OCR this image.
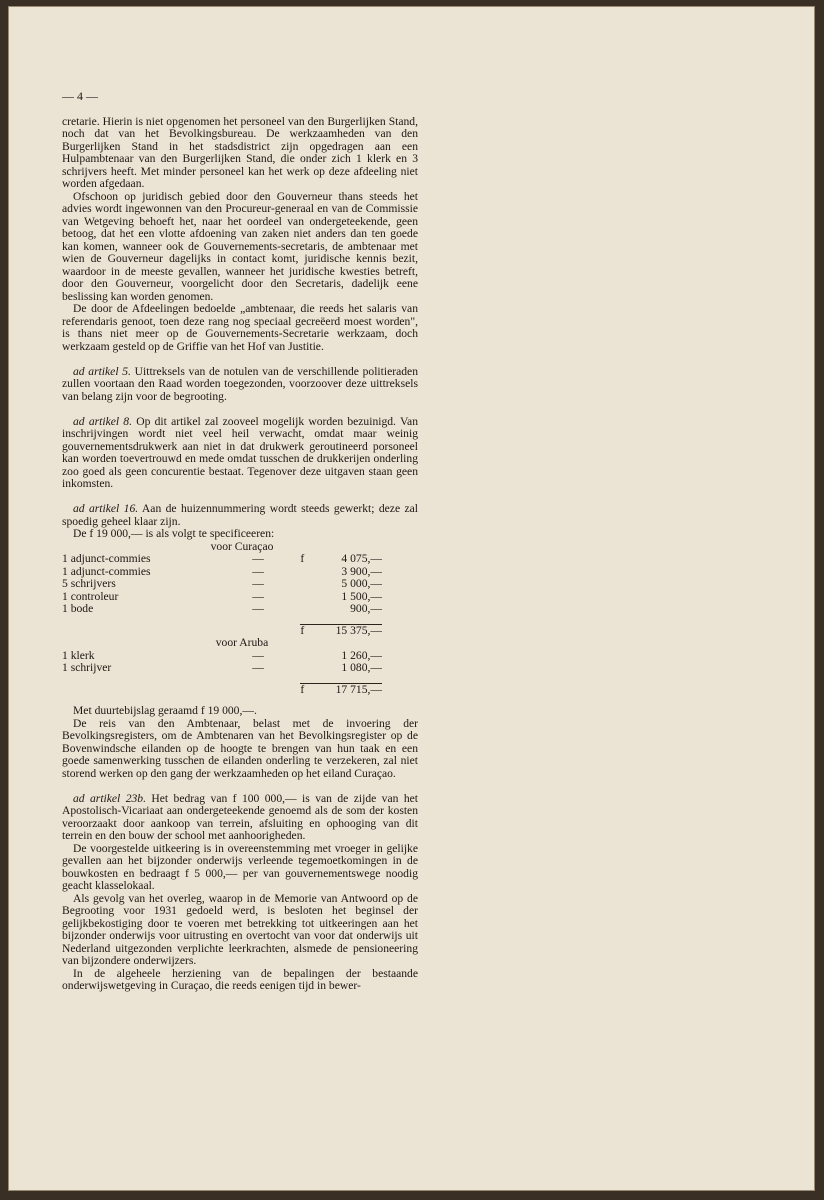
— 4 —

cretarie. Hierin is niet opgenomen het personeel van den Burgerlijken Stand, noch dat van het Bevolkingsbureau. De werkzaamheden van den Burgerlijken Stand in het stadsdistrict zijn opgedragen aan een Hulpambtenaar van den Burgerlijken Stand, die onder zich 1 klerk en 3 schrijvers heeft. Met minder personeel kan het werk op deze afdeeling niet worden afgedaan.

Ofschoon op juridisch gebied door den Gouverneur thans steeds het advies wordt ingewonnen van den Procureur-generaal en van de Commissie van Wetgeving behoeft het, naar het oordeel van ondergeteekende, geen betoog, dat het een vlotte afdoening van zaken niet anders dan ten goede kan komen, wanneer ook de Gouvernements-secretaris, de ambtenaar met wien de Gouverneur dagelijks in contact komt, juridische kennis bezit, waardoor in de meeste gevallen, wanneer het juridische kwesties betreft, door den Gouverneur, voorgelicht door den Secretaris, dadelijk eene beslissing kan worden genomen.

De door de Afdeelingen bedoelde „ambtenaar, die reeds het salaris van referendaris genoot, toen deze rang nog speciaal gecreëerd moest worden", is thans niet meer op de Gouvernements-Secretarie werkzaam, doch werkzaam gesteld op de Griffie van het Hof van Justitie.

ad artikel 5. Uittreksels van de notulen van de verschillende politieraden zullen voortaan den Raad worden toegezonden, voorzoover deze uittreksels van belang zijn voor de begrooting.

ad artikel 8. Op dit artikel zal zooveel mogelijk worden bezuinigd. Van inschrijvingen wordt niet veel heil verwacht, omdat maar weinig gouvernementsdrukwerk aan niet in dat drukwerk geroutineerd porsoneel kan worden toevertrouwd en mede omdat tusschen de drukkerijen onderling zoo goed als geen concurentie bestaat. Tegenover deze uitgaven staan geen inkomsten.

ad artikel 16. Aan de huizennummering wordt steeds gewerkt; deze zal spoedig geheel klaar zijn.

De f 19 000,— is als volgt te specificeeren:

voor Curaçao			
1 adjunct-commies	—	f	4 075,—
1 adjunct-commies	—		3 900,—
5 schrijvers	—		5 000,—
1 controleur	—		1 500,—
1 bode	—		900,—

		f	15 375,—
voor Aruba			
1 klerk	—		1 260,—
1 schrijver	—		1 080,—

		f	17 715,—

Met duurtebijslag geraamd f 19 000,—.

De reis van den Ambtenaar, belast met de invoering der Bevolkingsregisters, om de Ambtenaren van het Bevolkingsregister op de Bovenwindsche eilanden op de hoogte te brengen van hun taak en een goede samenwerking tusschen de eilanden onderling te verzekeren, zal niet storend werken op den gang der werkzaamheden op het eiland Curaçao.

ad artikel 23b. Het bedrag van f 100 000,— is van de zijde van het Apostolisch-Vicariaat aan ondergeteekende genoemd als de som der kosten veroorzaakt door aankoop van terrein, afsluiting en ophooging van dit terrein en den bouw der school met aanhoorigheden.

De voorgestelde uitkeering is in overeenstemming met vroeger in gelijke gevallen aan het bijzonder onderwijs verleende tegemoetkomingen in de bouwkosten en bedraagt f 5 000,— per van gouvernementswege noodig geacht klasselokaal.

Als gevolg van het overleg, waarop in de Memorie van Antwoord op de Begrooting voor 1931 gedoeld werd, is besloten het beginsel der gelijkbekostiging door te voeren met betrekking tot uitkeeringen aan het bijzonder onderwijs voor uitrusting en overtocht van voor dat onderwijs uit Nederland uitgezonden verplichte leerkrachten, alsmede de pensioneering van bijzondere onderwijzers.

In de algeheele herziening van de bepalingen der bestaande onderwijswetgeving in Curaçao, die reeds eenigen tijd in bewer-
